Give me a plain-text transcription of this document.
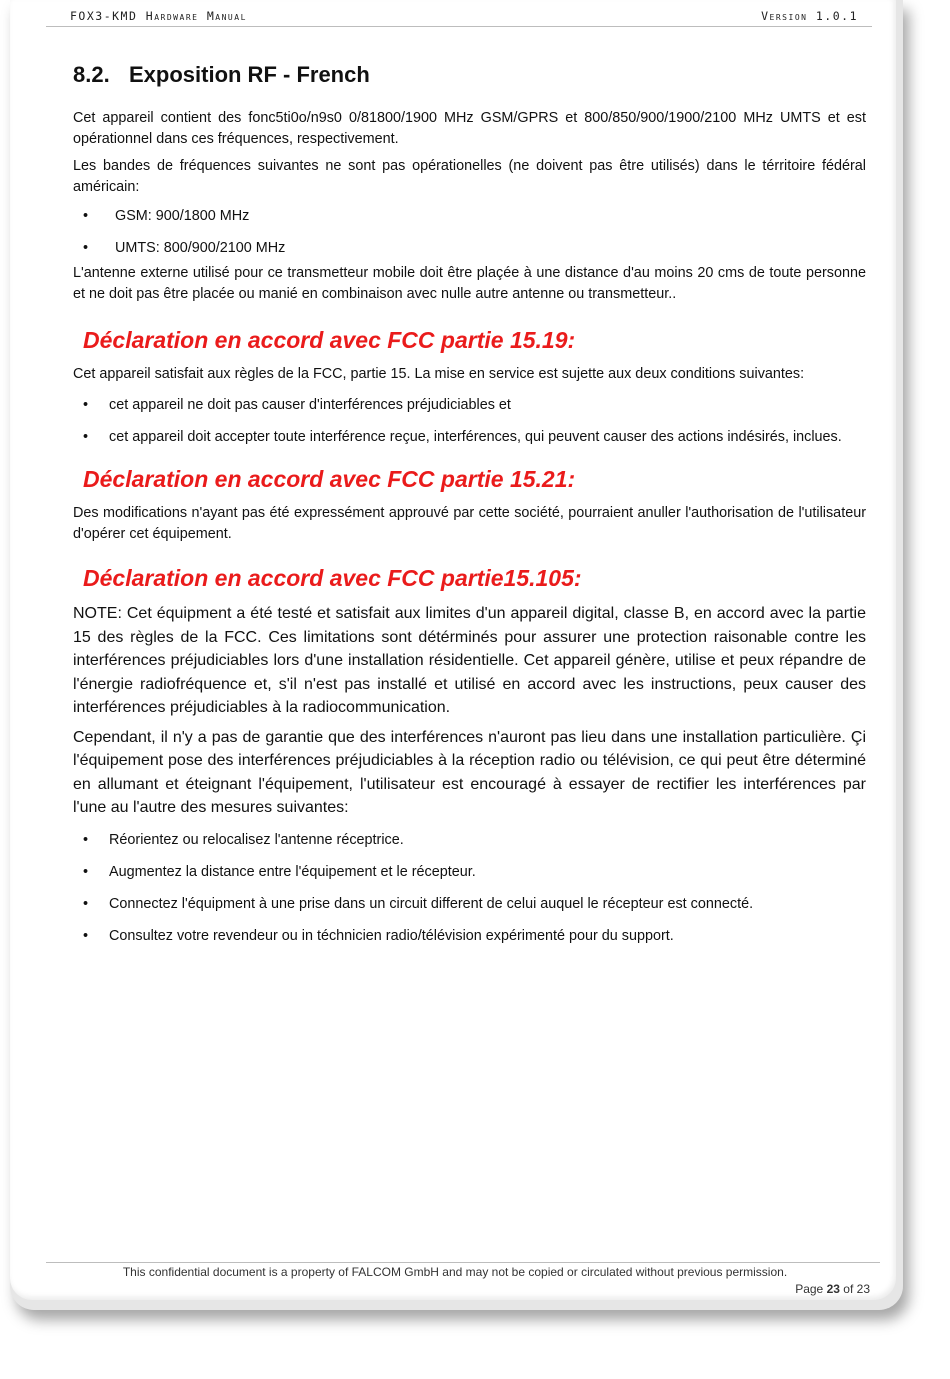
FOX3-KMD Hardware Manual	Version 1.0.1
8.2. Exposition RF - French

Cet appareil contient des fonc5ti0o/n9s0 0/81800/1900 MHz GSM/GPRS et 800/850/900/1900/2100 MHz UMTS et est opérationnel dans ces fréquences, respectivement.

Les bandes de fréquences suivantes ne sont pas opérationelles (ne doivent pas être utilisés) dans le térritoire fédéral américain:

• GSM: 900/1800 MHz
• UMTS: 800/900/2100 MHz

L'antenne externe utilisé pour ce transmetteur mobile doit être plaçée à une distance d'au moins 20 cms de toute personne et ne doit pas être placée ou manié en combinaison avec nulle autre antenne ou transmetteur..

Déclaration en accord avec FCC partie 15.19:

Cet appareil satisfait aux règles de la FCC, partie 15. La mise en service est sujette aux deux conditions suivantes:

• cet appareil ne doit pas causer d'interférences préjudiciables et
• cet appareil doit accepter toute interférence reçue, interférences, qui peuvent causer des actions indésirés, inclues.
Déclaration en accord avec FCC partie 15.21:

Des modifications n'ayant pas été expressément approuvé par cette société, pourraient anuller l'authorisation de l'utilisateur d'opérer cet équipement.

Déclaration en accord avec FCC partie15.105:

NOTE: Cet équipment a été testé et satisfait aux limites d'un appareil digital, classe B, en accord avec la partie 15 des règles de la FCC. Ces limitations sont détérminés pour assurer une protection raisonable contre les interférences préjudiciables lors d'une installation résidentielle. Cet appareil génère, utilise et peux répandre de l'énergie radiofréquence et, s'il n'est pas installé et utilisé en accord avec les instructions, peux causer des interférences préjudiciables à la radiocommunication.

Cependant, il n'y a pas de garantie que des interférences n'auront pas lieu dans une installation particulière. Çi l'équipement pose des interférences préjudiciables à la réception radio ou télévision, ce qui peut être déterminé en allumant et éteignant l'équipement, l'utilisateur est encouragé à essayer de rectifier les interférences par l'une au l'autre des mesures suivantes:

• Réorientez ou relocalisez l'antenne réceptrice.
• Augmentez la distance entre l'équipement et le récepteur.
• Connectez l'équipment à une prise dans un circuit different de celui auquel le récepteur est connecté.
• Consultez votre revendeur ou in téchnicien radio/télévision expérimenté pour du support.
This confidential document is a property of FALCOM GmbH and may not be copied or circulated without previous permission.
Page 23 of 23
